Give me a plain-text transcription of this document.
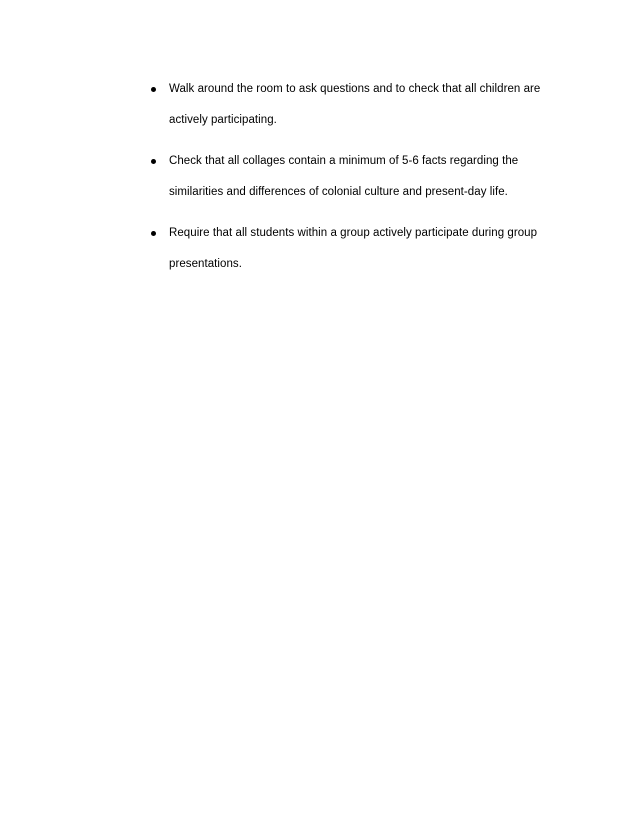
Walk around the room to ask questions and to check that all children are actively participating.
Check that all collages contain a minimum of 5-6 facts regarding the similarities and differences of colonial culture and present-day life.
Require that all students within a group actively participate during group presentations.
